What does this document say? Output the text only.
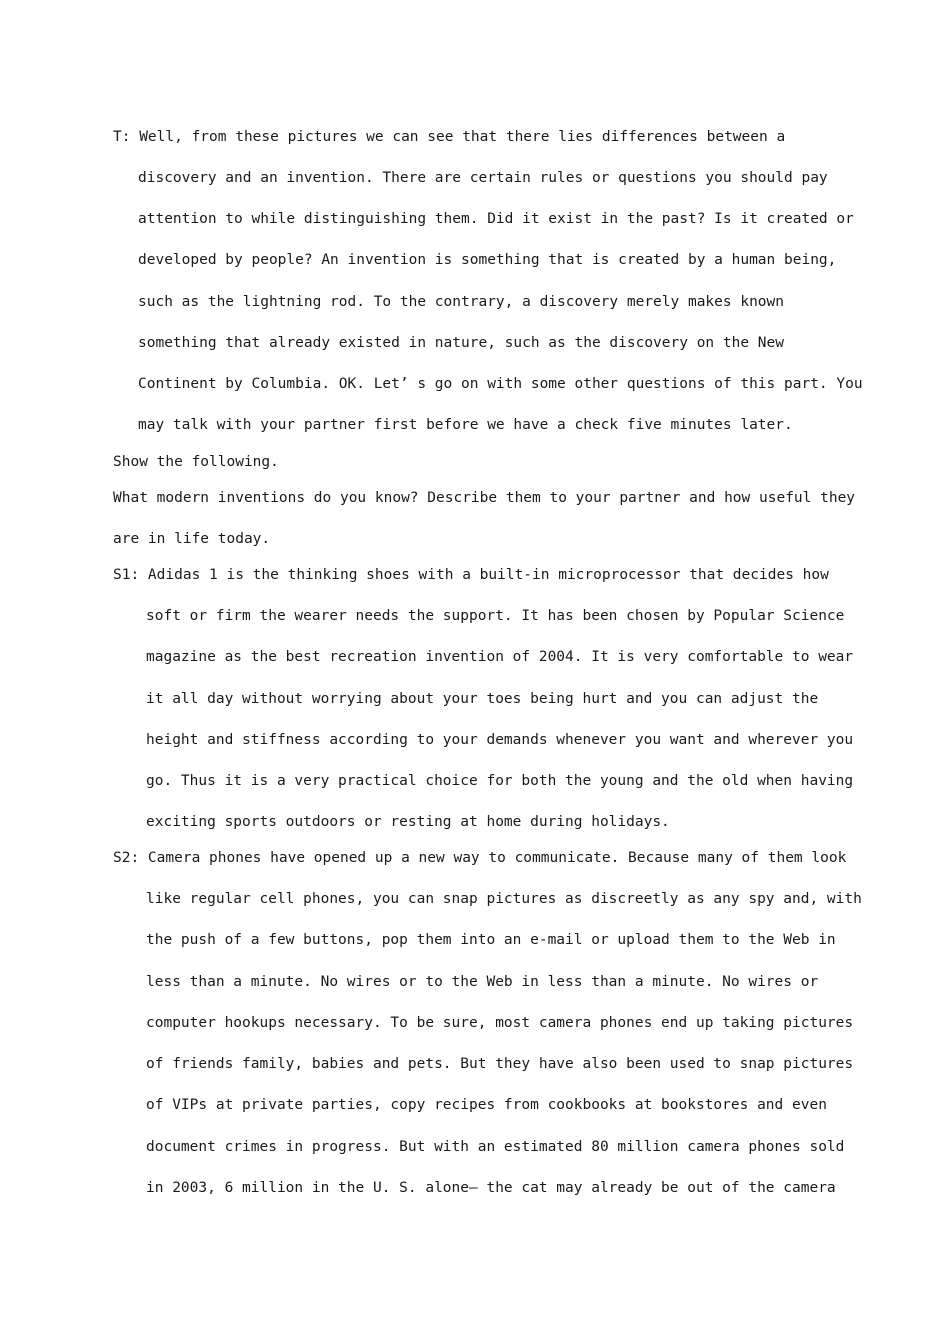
T: Well, from these pictures we can see that there lies differences between a
discovery and an invention. There are certain rules or questions you should pay
attention to while distinguishing them. Did it exist in the past? Is it created or
developed by people? An invention is something that is created by a human being,
such as the lightning rod. To the contrary, a discovery merely makes known
something that already existed in nature, such as the discovery on the New
Continent by Columbia. OK. Let’ s go on with some other questions of this part. You
may talk with your partner first before we have a check five minutes later.
Show the following.
What modern inventions do you know? Describe them to your partner and how useful they
are in life today.
S1: Adidas 1 is the thinking shoes with a built-in microprocessor that decides how
soft or firm the wearer needs the support. It has been chosen by Popular Science
magazine as the best recreation invention of 2004. It is very comfortable to wear
it all day without worrying about your toes being hurt and you can adjust the
height and stiffness according to your demands whenever you want and wherever you
go. Thus it is a very practical choice for both the young and the old when having
exciting sports outdoors or resting at home during holidays.
S2: Camera phones have opened up a new way to communicate. Because many of them look
like regular cell phones, you can snap pictures as discreetly as any spy and, with
the push of a few buttons, pop them into an e-mail or upload them to the Web in
less than a minute. No wires or to the Web in less than a minute. No wires or
computer hookups necessary. To be sure, most camera phones end up taking pictures
of friends family, babies and pets. But they have also been used to snap pictures
of VIPs at private parties, copy recipes from cookbooks at bookstores and even
document crimes in progress. But with an estimated 80 million camera phones sold
in 2003, 6 million in the U. S. alone— the cat may already be out of the camera
